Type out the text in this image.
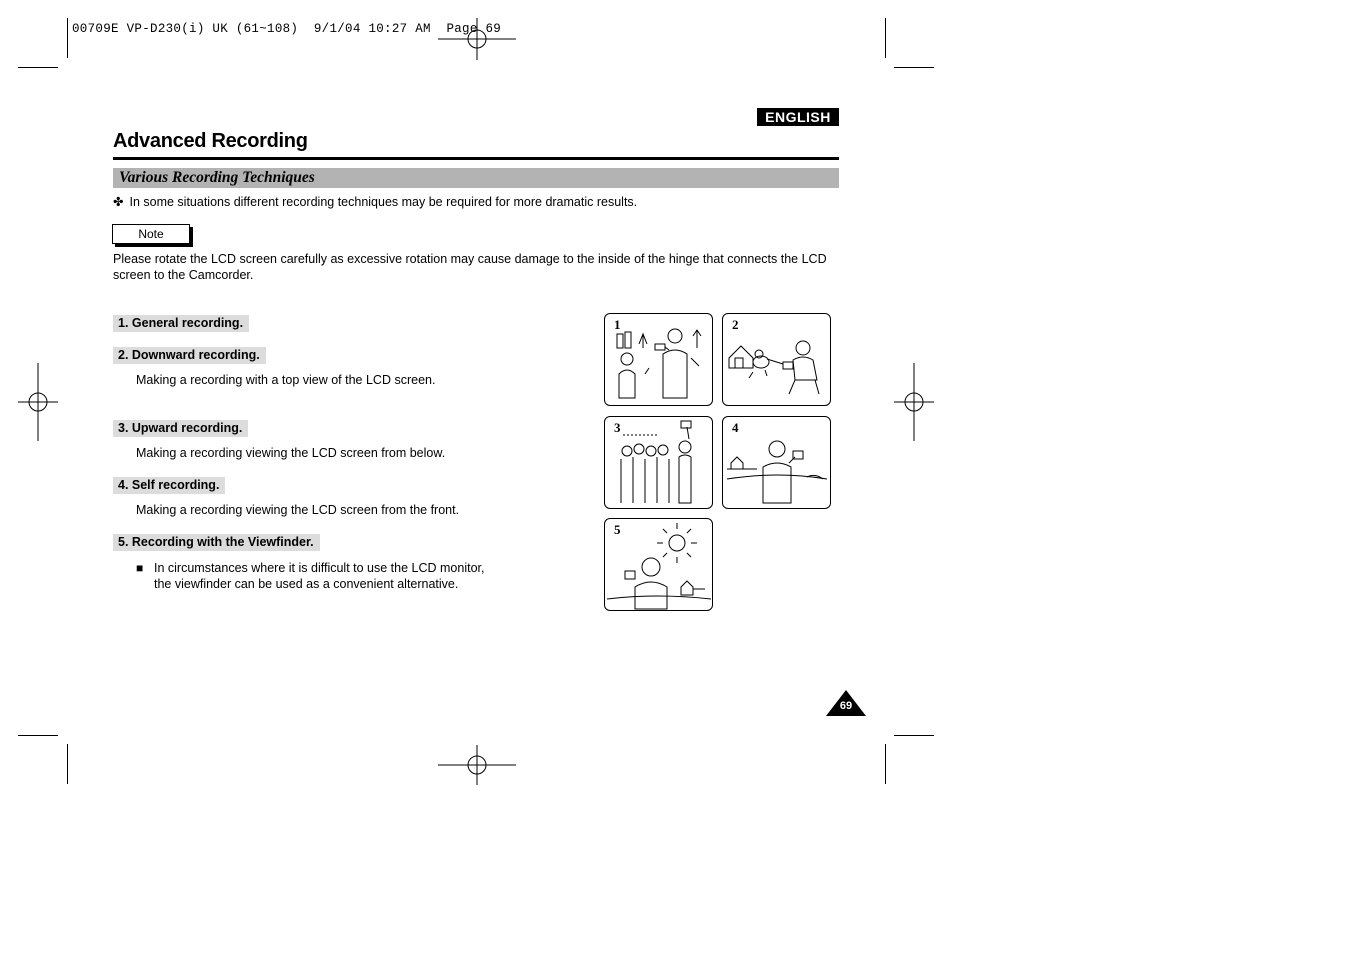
00709E VP-D230(i) UK (61~108)  9/1/04 10:27 AM  Page 69
ENGLISH
Advanced Recording
Various Recording Techniques
✤ In some situations different recording techniques may be required for more dramatic results.
Note
Please rotate the LCD screen carefully as excessive rotation may cause damage to the inside of the hinge that connects the LCD screen to the Camcorder.
1. General recording.
2. Downward recording.
Making a recording with a top view of the LCD screen.
3. Upward recording.
Making a recording viewing the LCD screen from below.
4. Self recording.
Making a recording viewing the LCD screen from the front.
5. Recording with the Viewfinder.
■ In circumstances where it is difficult to use the LCD monitor,
the viewfinder can be used as a convenient alternative.
1	2
3	4
5
69
